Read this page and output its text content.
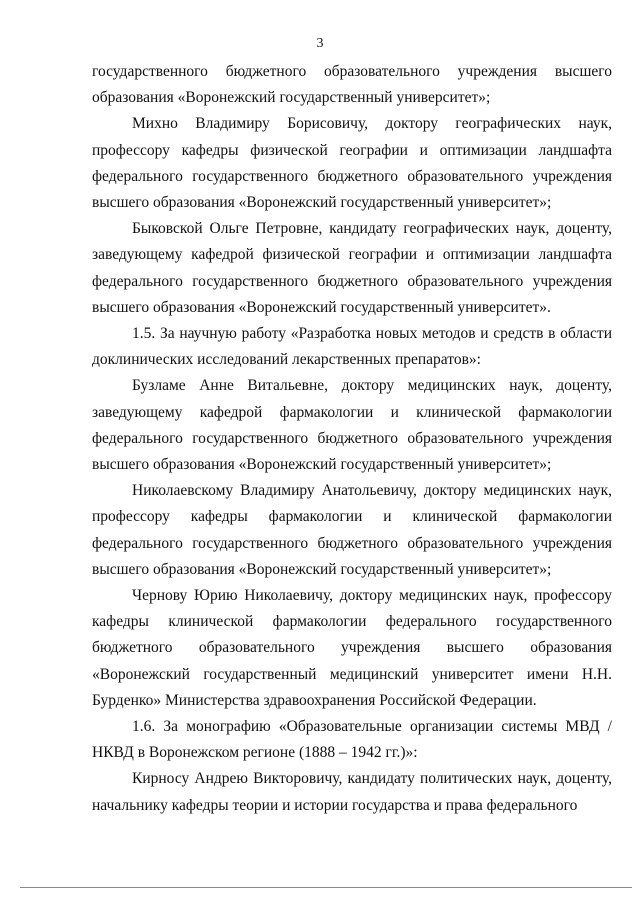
3

государственного бюджетного образовательного учреждения высшего образования «Воронежский государственный университет»;

Михно Владимиру Борисовичу, доктору географических наук, профессору кафедры физической географии и оптимизации ландшафта федерального государственного бюджетного образовательного учреждения высшего образования «Воронежский государственный университет»;

Быковской Ольге Петровне, кандидату географических наук, доценту, заведующему кафедрой физической географии и оптимизации ландшафта федерального государственного бюджетного образовательного учреждения высшего образования «Воронежский государственный университет».

1.5. За научную работу «Разработка новых методов и средств в области доклинических исследований лекарственных препаратов»:

Бузламе Анне Витальевне, доктору медицинских наук, доценту, заведующему кафедрой фармакологии и клинической фармакологии федерального государственного бюджетного образовательного учреждения высшего образования «Воронежский государственный университет»;

Николаевскому Владимиру Анатольевичу, доктору медицинских наук, профессору кафедры фармакологии и клинической фармакологии федерального государственного бюджетного образовательного учреждения высшего образования «Воронежский государственный университет»;

Чернову Юрию Николаевичу, доктору медицинских наук, профессору кафедры клинической фармакологии федерального государственного бюджетного образовательного учреждения высшего образования «Воронежский государственный медицинский университет имени Н.Н. Бурденко» Министерства здравоохранения Российской Федерации.

1.6. За монографию «Образовательные организации системы МВД / НКВД в Воронежском регионе (1888 – 1942 гг.)»:

Кирносу Андрею Викторовичу, кандидату политических наук, доценту, начальнику кафедры теории и истории государства и права федерального
